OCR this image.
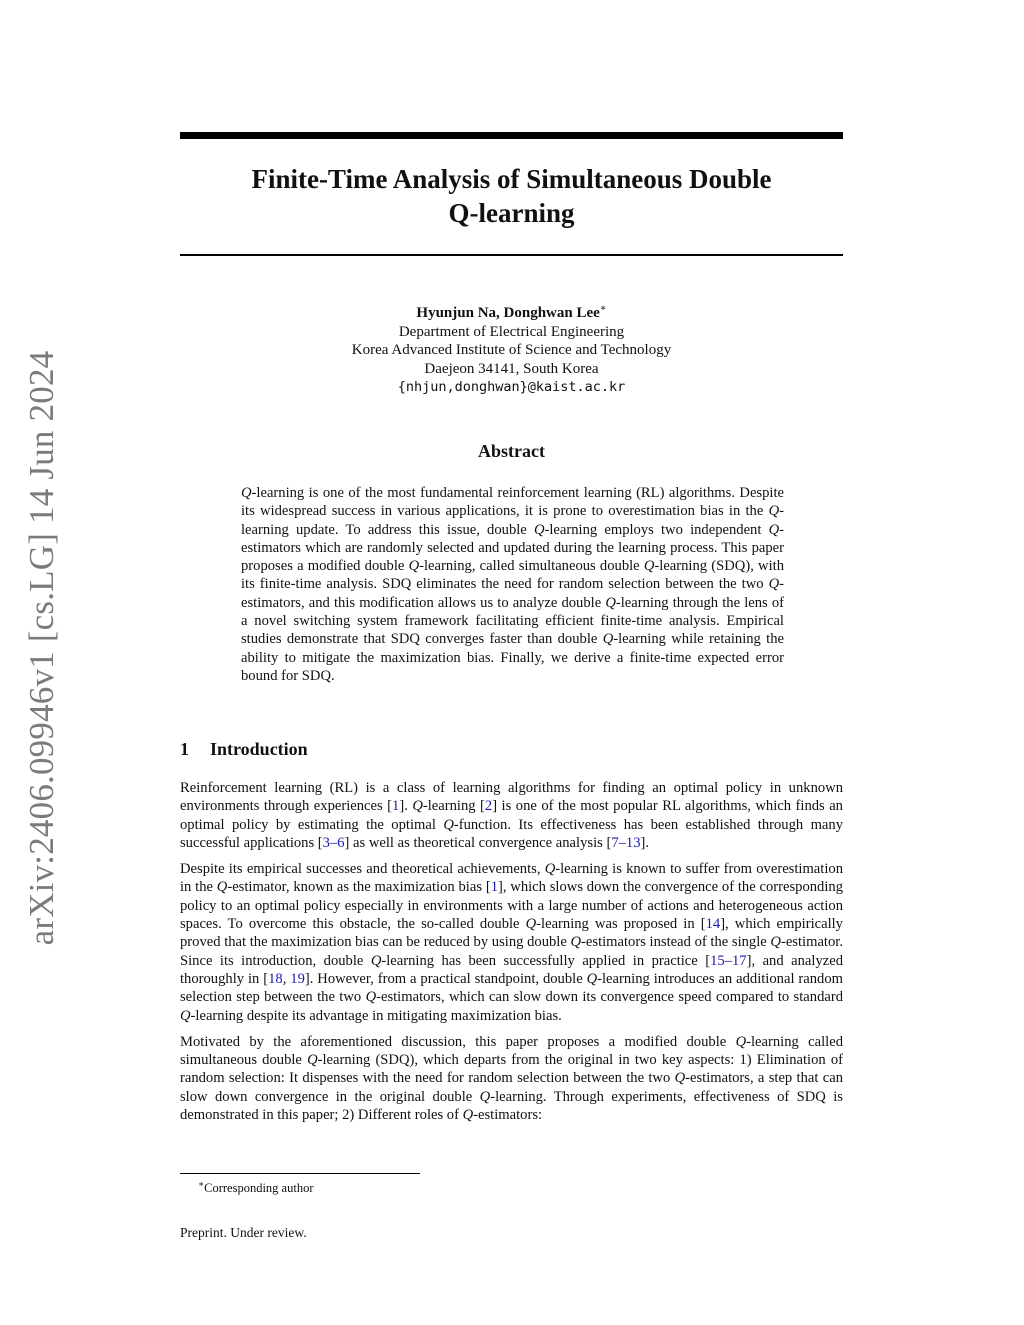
arXiv:2406.09946v1 [cs.LG] 14 Jun 2024
Finite-Time Analysis of Simultaneous Double
Q-learning
Hyunjun Na, Donghwan Lee∗
Department of Electrical Engineering
Korea Advanced Institute of Science and Technology
Daejeon 34141, South Korea
{nhjun,donghwan}@kaist.ac.kr
Abstract

Q-learning is one of the most fundamental reinforcement learning (RL) algorithms. Despite its widespread success in various applications, it is prone to overestimation bias in the Q-learning update. To address this issue, double Q-learning employs two independent Q-estimators which are randomly selected and updated during the learning process. This paper proposes a modified double Q-learning, called simultaneous double Q-learning (SDQ), with its finite-time analysis. SDQ eliminates the need for random selection between the two Q-estimators, and this modification allows us to analyze double Q-learning through the lens of a novel switching system framework facilitating efficient finite-time analysis. Empirical studies demonstrate that SDQ converges faster than double Q-learning while retaining the ability to mitigate the maximization bias. Finally, we derive a finite-time expected error bound for SDQ.

1 Introduction

Reinforcement learning (RL) is a class of learning algorithms for finding an optimal policy in unknown environments through experiences [1]. Q-learning [2] is one of the most popular RL algorithms, which finds an optimal policy by estimating the optimal Q-function. Its effectiveness has been established through many successful applications [3–6] as well as theoretical convergence analysis [7–13].

Despite its empirical successes and theoretical achievements, Q-learning is known to suffer from overestimation in the Q-estimator, known as the maximization bias [1], which slows down the convergence of the corresponding policy to an optimal policy especially in environments with a large number of actions and heterogeneous action spaces. To overcome this obstacle, the so-called double Q-learning was proposed in [14], which empirically proved that the maximization bias can be reduced by using double Q-estimators instead of the single Q-estimator. Since its introduction, double Q-learning has been successfully applied in practice [15–17], and analyzed thoroughly in [18, 19]. However, from a practical standpoint, double Q-learning introduces an additional random selection step between the two Q-estimators, which can slow down its convergence speed compared to standard Q-learning despite its advantage in mitigating maximization bias.

Motivated by the aforementioned discussion, this paper proposes a modified double Q-learning called simultaneous double Q-learning (SDQ), which departs from the original in two key aspects: 1) Elimination of random selection: It dispenses with the need for random selection between the two Q-estimators, a step that can slow down convergence in the original double Q-learning. Through experiments, effectiveness of SDQ is demonstrated in this paper; 2) Different roles of Q-estimators:

∗Corresponding author
Preprint. Under review.
